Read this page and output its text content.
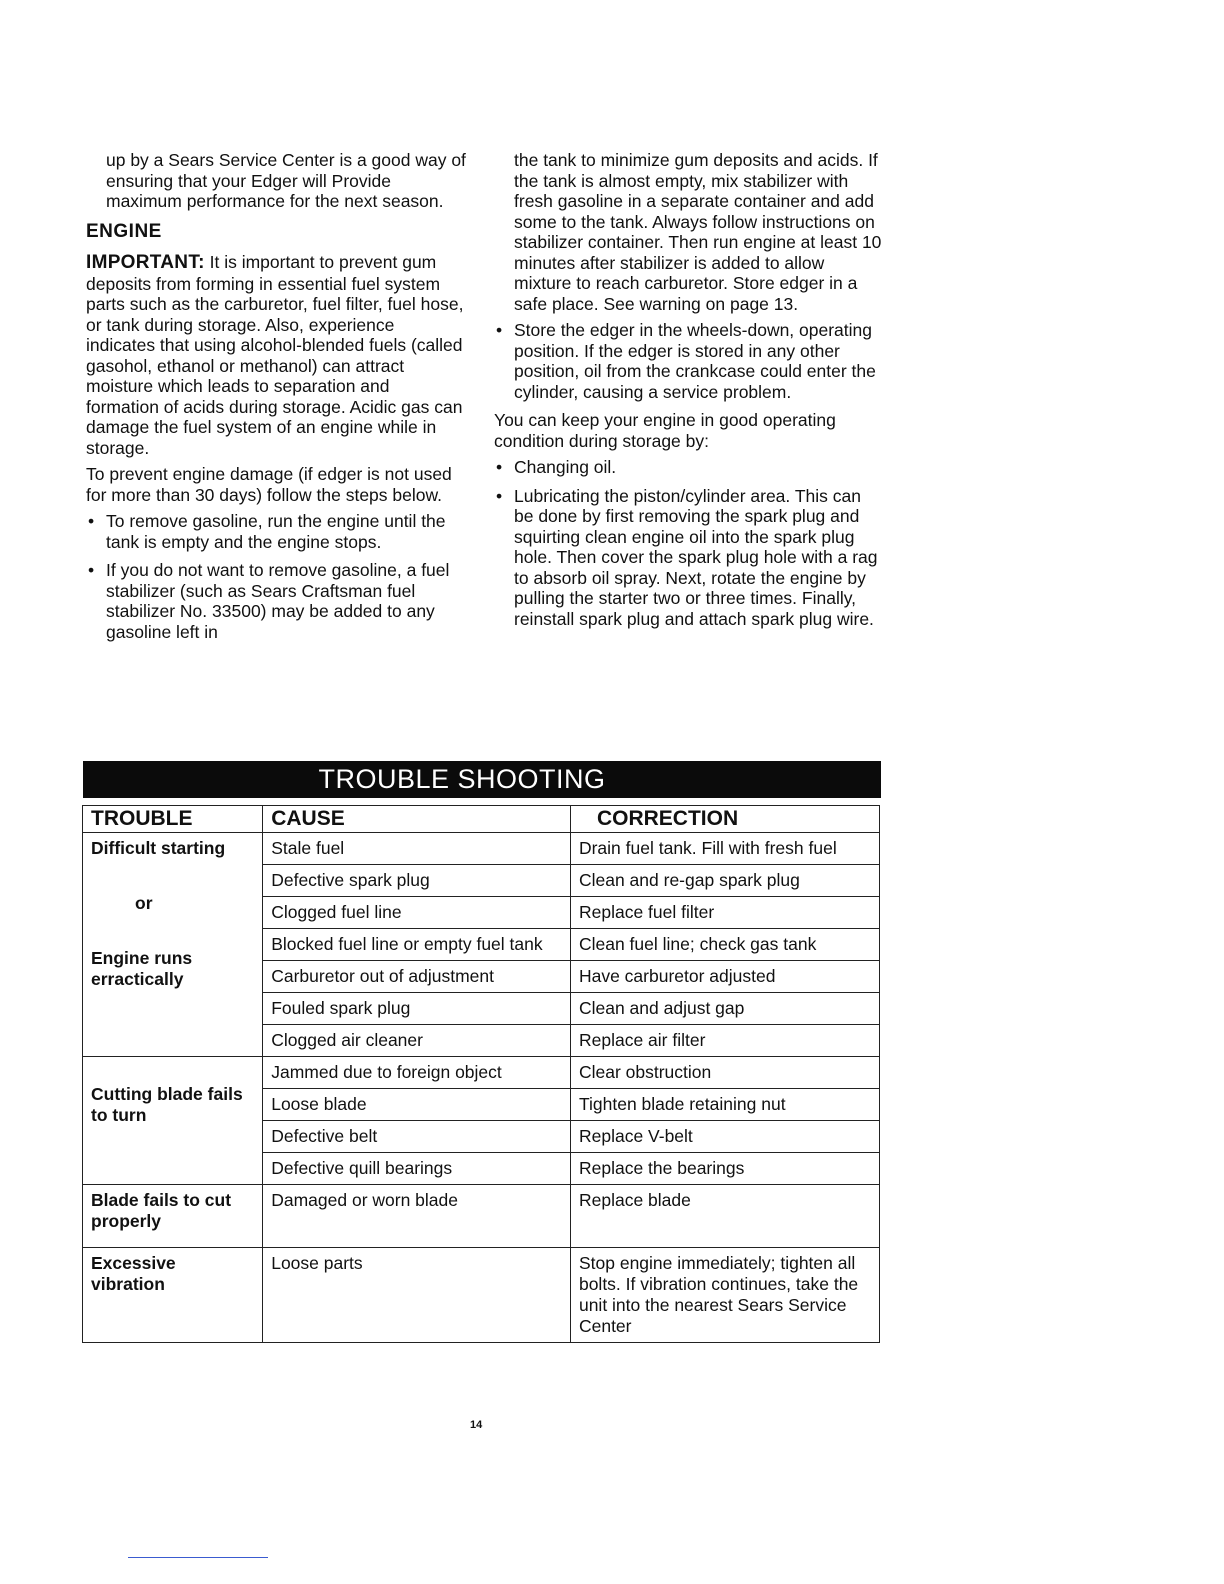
up by a Sears Service Center is a good way of ensuring that your Edger will Provide maximum performance for the next season.

ENGINE

IMPORTANT: It is important to prevent gum deposits from forming in essential fuel system parts such as the carburetor, fuel filter, fuel hose, or tank during storage. Also, experience indicates that using alcohol-blended fuels (called gasohol, ethanol or methanol) can attract moisture which leads to separation and formation of acids during storage. Acidic gas can damage the fuel system of an engine while in storage.

To prevent engine damage (if edger is not used for more than 30 days) follow the steps below.

• To remove gasoline, run the engine until the tank is empty and the engine stops.
• If you do not want to remove gasoline, a fuel stabilizer (such as Sears Craftsman fuel stabilizer No. 33500) may be added to any gasoline left in

the tank to minimize gum deposits and acids. If the tank is almost empty, mix stabilizer with fresh gasoline in a separate container and add some to the tank. Always follow instructions on stabilizer container. Then run engine at least 10 minutes after stabilizer is added to allow mixture to reach carburetor. Store edger in a safe place. See warning on page 13.

• Store the edger in the wheels-down, operating position. If the edger is stored in any other position, oil from the crankcase could enter the cylinder, causing a service problem.

You can keep your engine in good operating condition during storage by:

• Changing oil.
• Lubricating the piston/cylinder area. This can be done by first removing the spark plug and squirting clean engine oil into the spark plug hole. Then cover the spark plug hole with a rag to absorb oil spray. Next, rotate the engine by pulling the starter two or three times. Finally, reinstall spark plug and attach spark plug wire.
TROUBLE SHOOTING
TROUBLE	CAUSE	CORRECTION

Difficult starting
or
Engine runs erractically	Stale fuel	Drain fuel tank. Fill with fresh fuel
	Defective spark plug	Clean and re-gap spark plug
	Clogged fuel line	Replace fuel filter
	Blocked fuel line or empty fuel tank	Clean fuel line; check gas tank
	Carburetor out of adjustment	Have carburetor adjusted
	Fouled spark plug	Clean and adjust gap
	Clogged air cleaner	Replace air filter

Cutting blade fails to turn	Jammed due to foreign object	Clear obstruction
	Loose blade	Tighten blade retaining nut
	Defective belt	Replace V-belt
	Defective quill bearings	Replace the bearings
Blade fails to cut properly	Damaged or worn blade	Replace blade
Excessive vibration	Loose parts	Stop engine immediately; tighten all bolts. If vibration continues, take the unit into the nearest Sears Service Center
14
